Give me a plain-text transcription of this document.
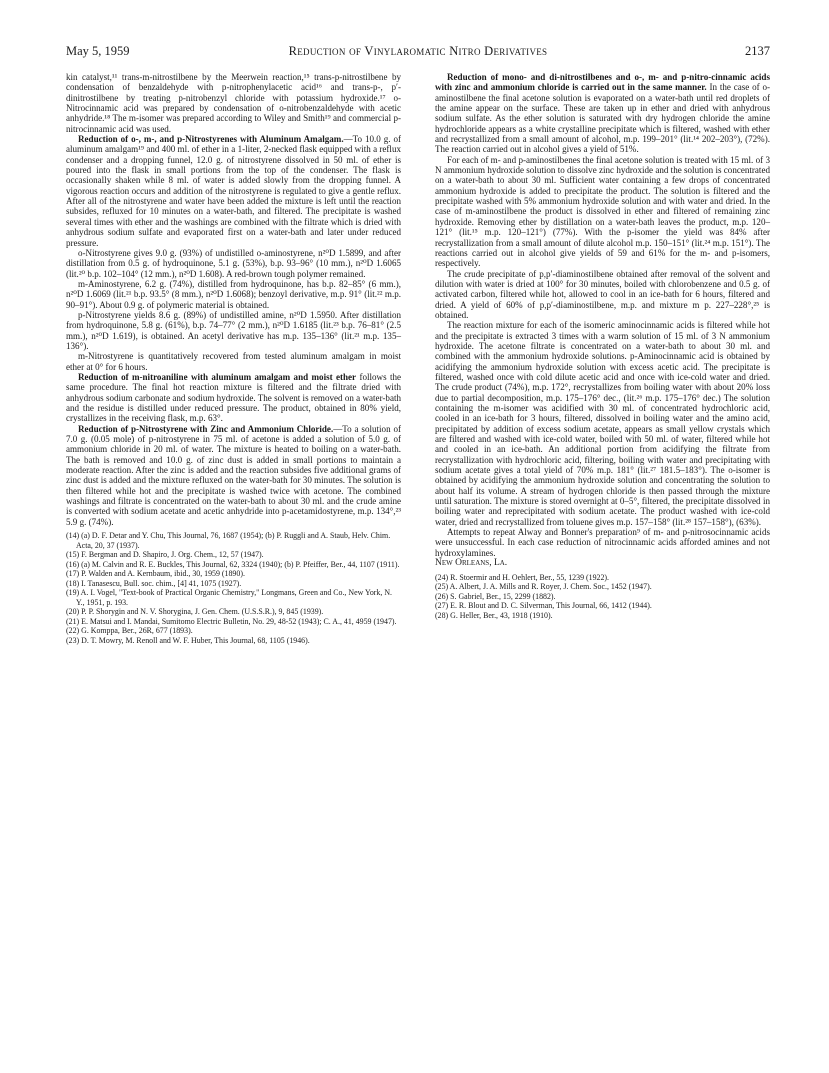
May 5, 1959	Reduction of Vinylaromatic Nitro Derivatives	2137

kin catalyst,¹¹ trans-m-nitrostilbene by the Meerwein reaction,¹⁵ trans-p-nitrostilbene by condensation of benzaldehyde with p-nitrophenylacetic acid¹⁶ and trans-p-, p′-dinitrostilbene by treating p-nitrobenzyl chloride with potassium hydroxide.¹⁷ o-Nitrocinnamic acid was prepared by condensation of o-nitrobenzaldehyde with acetic anhydride.¹⁸ The m-isomer was prepared according to Wiley and Smith¹⁹ and commercial p-nitrocinnamic acid was used.

Reduction of o-, m-, and p-Nitrostyrenes with Aluminum Amalgam.—To 10.0 g. of aluminum amalgam¹⁹ and 400 ml. of ether in a 1-liter, 2-necked flask equipped with a reflux condenser and a dropping funnel, 12.0 g. of nitrostyrene dissolved in 50 ml. of ether is poured into the flask in small portions from the top of the condenser. The flask is occasionally shaken while 8 ml. of water is added slowly from the dropping funnel. A vigorous reaction occurs and addition of the nitrostyrene is regulated to give a gentle reflux. After all of the nitrostyrene and water have been added the mixture is left until the reaction subsides, refluxed for 10 minutes on a water-bath, and filtered. The precipitate is washed several times with ether and the washings are combined with the filtrate which is dried with anhydrous sodium sulfate and evaporated first on a water-bath and later under reduced pressure.

o-Nitrostyrene gives 9.0 g. (93%) of undistilled o-aminostyrene, n²⁰D 1.5899, and after distillation from 0.5 g. of hydroquinone, 5.1 g. (53%), b.p. 93–96° (10 mm.), n²⁰D 1.6065 (lit.²⁰ b.p. 102–104° (12 mm.), n²⁰D 1.608). A red-brown tough polymer remained.

m-Aminostyrene, 6.2 g. (74%), distilled from hydroquinone, has b.p. 82–85° (6 mm.), n²⁰D 1.6069 (lit.²¹ b.p. 93.5° (8 mm.), n²⁰D 1.6068); benzoyl derivative, m.p. 91° (lit.²² m.p. 90–91°). About 0.9 g. of polymeric material is obtained.

p-Nitrostyrene yields 8.6 g. (89%) of undistilled amine, n²⁰D 1.5950. After distillation from hydroquinone, 5.8 g. (61%), b.p. 74–77° (2 mm.), n²⁰D 1.6185 (lit.²³ b.p. 76–81° (2.5 mm.), n²⁰D 1.619), is obtained. An acetyl derivative has m.p. 135–136° (lit.²¹ m.p. 135–136°).

m-Nitrostyrene is quantitatively recovered from tested aluminum amalgam in moist ether at 0° for 6 hours.

Reduction of m-nitroaniline with aluminum amalgam and moist ether follows the same procedure. The final hot reaction mixture is filtered and the filtrate dried with anhydrous sodium carbonate and sodium hydroxide. The solvent is removed on a water-bath and the residue is distilled under reduced pressure. The product, obtained in 80% yield, crystallizes in the receiving flask, m.p. 63°.

Reduction of p-Nitrostyrene with Zinc and Ammonium Chloride.—To a solution of 7.0 g. (0.05 mole) of p-nitrostyrene in 75 ml. of acetone is added a solution of 5.0 g. of ammonium chloride in 20 ml. of water. The mixture is heated to boiling on a water-bath. The bath is removed and 10.0 g. of zinc dust is added in small portions to maintain a moderate reaction. After the zinc is added and the reaction subsides five additional grams of zinc dust is added and the mixture refluxed on the water-bath for 30 minutes. The solution is then filtered while hot and the precipitate is washed twice with acetone. The combined washings and filtrate is concentrated on the water-bath to about 30 ml. and the crude amine is converted with sodium acetate and acetic anhydride into p-acetamidostyrene, m.p. 134°,²³ 5.9 g. (74%).

(14) (a) D. F. Detar and Y. Chu, This Journal, 76, 1687 (1954); (b) P. Ruggli and A. Staub, Helv. Chim. Acta, 20, 37 (1937).
(15) F. Bergman and D. Shapiro, J. Org. Chem., 12, 57 (1947).
(16) (a) M. Calvin and R. E. Buckles, This Journal, 62, 3324 (1940); (b) P. Pfeiffer, Ber., 44, 1107 (1911).
(17) P. Walden and A. Kernbaum, ibid., 30, 1959 (1890).
(18) I. Tanasescu, Bull. soc. chim., [4] 41, 1075 (1927).
(19) A. I. Vogel, "Text-book of Practical Organic Chemistry," Longmans, Green and Co., New York, N. Y., 1951, p. 193.
(20) P. P. Shorygin and N. V. Shorygina, J. Gen. Chem. (U.S.S.R.), 9, 845 (1939).
(21) E. Matsui and I. Mandai, Sumitomo Electric Bulletin, No. 29, 48-52 (1943); C. A., 41, 4959 (1947).
(22) G. Komppa, Ber., 26R, 677 (1893).
(23) D. T. Mowry, M. Renoll and W. F. Huber, This Journal, 68, 1105 (1946).

Reduction of mono- and di-nitrostilbenes and o-, m- and p-nitro-cinnamic acids with zinc and ammonium chloride is carried out in the same manner. In the case of o-aminostilbene the final acetone solution is evaporated on a water-bath until red droplets of the amine appear on the surface. These are taken up in ether and dried with anhydrous sodium sulfate. As the ether solution is saturated with dry hydrogen chloride the amine hydrochloride appears as a white crystalline precipitate which is filtered, washed with ether and recrystallized from a small amount of alcohol, m.p. 199–201° (lit.¹⁴ 202–203°), (72%). The reaction carried out in alcohol gives a yield of 51%.

For each of m- and p-aminostilbenes the final acetone solution is treated with 15 ml. of 3 N ammonium hydroxide solution to dissolve zinc hydroxide and the solution is concentrated on a water-bath to about 30 ml. Sufficient water containing a few drops of concentrated ammonium hydroxide is added to precipitate the product. The solution is filtered and the precipitate washed with 5% ammonium hydroxide solution and with water and dried. In the case of m-aminostilbene the product is dissolved in ether and filtered of remaining zinc hydroxide. Removing ether by distillation on a water-bath leaves the product, m.p. 120–121° (lit.¹⁵ m.p. 120–121°) (77%). With the p-isomer the yield was 84% after recrystallization from a small amount of dilute alcohol m.p. 150–151° (lit.²⁴ m.p. 151°). The reactions carried out in alcohol give yields of 59 and 61% for the m- and p-isomers, respectively.

The crude precipitate of p,p′-diaminostilbene obtained after removal of the solvent and dilution with water is dried at 100° for 30 minutes, boiled with chlorobenzene and 0.5 g. of activated carbon, filtered while hot, allowed to cool in an ice-bath for 6 hours, filtered and dried. A yield of 60% of p,p′-diaminostilbene, m.p. and mixture m p. 227–228°,²⁵ is obtained.

The reaction mixture for each of the isomeric aminocinnamic acids is filtered while hot and the precipitate is extracted 3 times with a warm solution of 15 ml. of 3 N ammonium hydroxide. The acetone filtrate is concentrated on a water-bath to about 30 ml. and combined with the ammonium hydroxide solutions. p-Aminocinnamic acid is obtained by acidifying the ammonium hydroxide solution with excess acetic acid. The precipitate is filtered, washed once with cold dilute acetic acid and once with ice-cold water and dried. The crude product (74%), m.p. 172°, recrystallizes from boiling water with about 20% loss due to partial decomposition, m.p. 175–176° dec., (lit.²⁶ m.p. 175–176° dec.) The solution containing the m-isomer was acidified with 30 ml. of concentrated hydrochloric acid, cooled in an ice-bath for 3 hours, filtered, dissolved in boiling water and the amino acid, precipitated by addition of excess sodium acetate, appears as small yellow crystals which are filtered and washed with ice-cold water, boiled with 50 ml. of water, filtered while hot and cooled in an ice-bath. An additional portion from acidifying the filtrate from recrystallization with hydrochloric acid, filtering, boiling with water and precipitating with sodium acetate gives a total yield of 70% m.p. 181° (lit.²⁷ 181.5–183°). The o-isomer is obtained by acidifying the ammonium hydroxide solution and concentrating the solution to about half its volume. A stream of hydrogen chloride is then passed through the mixture until saturation. The mixture is stored overnight at 0–5°, filtered, the precipitate dissolved in boiling water and reprecipitated with sodium acetate. The product washed with ice-cold water, dried and recrystallized from toluene gives m.p. 157–158° (lit.²⁸ 157–158°), (63%).

Attempts to repeat Alway and Bonner's preparation⁹ of m- and p-nitrosocinnamic acids were unsuccessful. In each case reduction of nitrocinnamic acids afforded amines and not hydroxylamines.

New Orleans, La.

(24) R. Stoermir and H. Oehlert, Ber., 55, 1239 (1922).
(25) A. Albert, J. A. Mills and R. Royer, J. Chem. Soc., 1452 (1947).
(26) S. Gabriel, Ber., 15, 2299 (1882).
(27) E. R. Blout and D. C. Silverman, This Journal, 66, 1412 (1944).
(28) G. Heller, Ber., 43, 1918 (1910).
